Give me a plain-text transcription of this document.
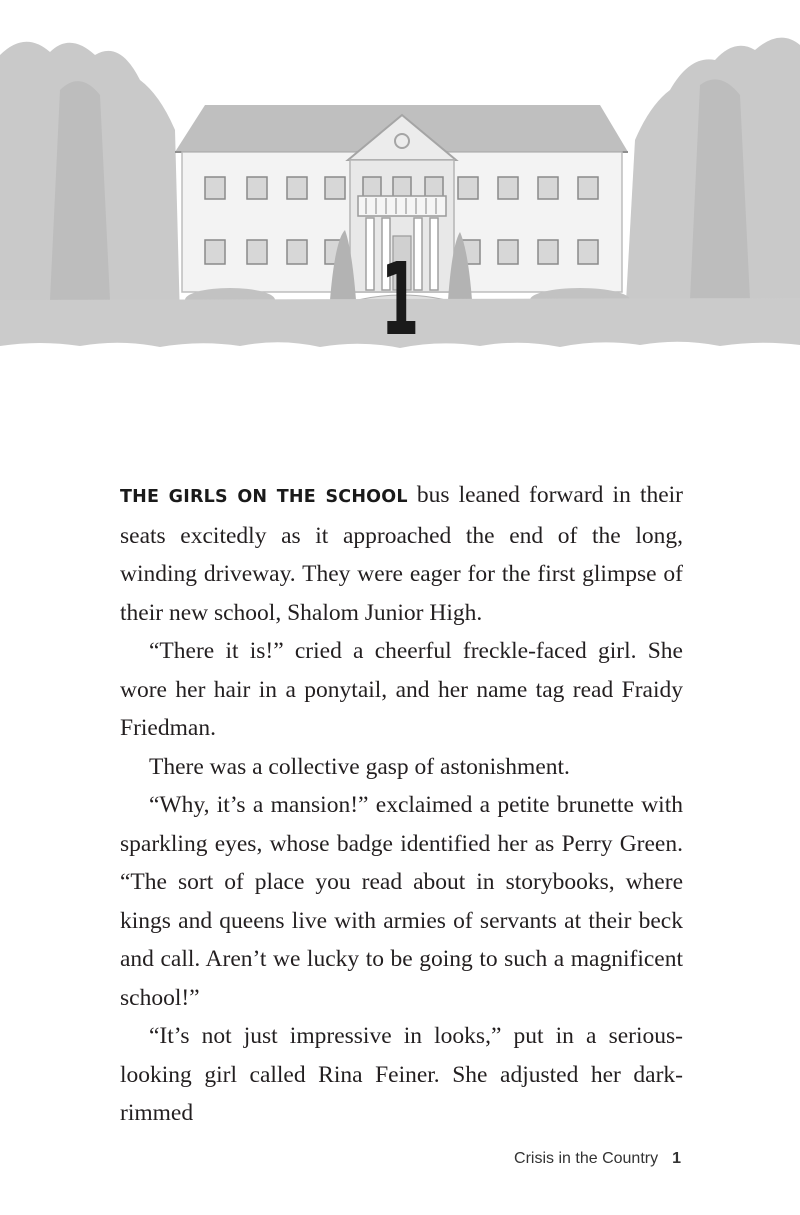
1

THE GIRLS ON THE SCHOOL bus leaned forward in their seats excitedly as it approached the end of the long, winding driveway. They were eager for the first glimpse of their new school, Shalom Junior High.

“There it is!” cried a cheerful freckle-faced girl. She wore her hair in a ponytail, and her name tag read Fraidy Friedman.

There was a collective gasp of astonishment.

“Why, it’s a mansion!” exclaimed a petite brunette with sparkling eyes, whose badge identified her as Perry Green. “The sort of place you read about in storybooks, where kings and queens live with armies of servants at their beck and call. Aren’t we lucky to be going to such a magnificent school!”

“It’s not just impressive in looks,” put in a serious-looking girl called Rina Feiner. She adjusted her dark-rimmed

Crisis in the Country 1
